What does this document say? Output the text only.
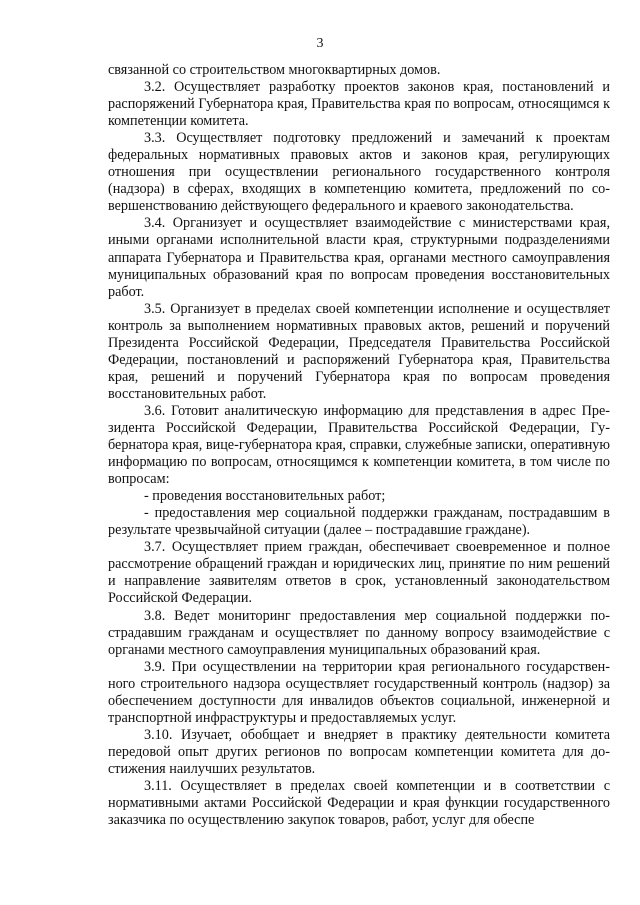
3

связанной со строительством многоквартирных домов.

3.2. Осуществляет разработку проектов законов края, постановлений и распоряжений Губернатора края, Правительства края по вопросам, относящимся к компетенции комитета.

3.3. Осуществляет подготовку предложений и замечаний к проектам федеральных нормативных правовых актов и законов края, регулирующих отношения при осуществлении регионального государственного контроля (надзора) в сферах, входящих в компетенцию комитета, предложений по совершенствованию действующего федерального и краевого законодательства.

3.4. Организует и осуществляет взаимодействие с министерствами края, иными органами исполнительной власти края, структурными подразделениями аппарата Губернатора и Правительства края, органами местного самоуправления муниципальных образований края по вопросам проведения восстановительных работ.

3.5. Организует в пределах своей компетенции исполнение и осуществляет контроль за выполнением нормативных правовых актов, решений и поручений Президента Российской Федерации, Председателя Правительства Российской Федерации, постановлений и распоряжений Губернатора края, Правительства края, решений и поручений Губернатора края по вопросам проведения восстановительных работ.

3.6. Готовит аналитическую информацию для представления в адрес Президента Российской Федерации, Правительства Российской Федерации, Губернатора края, вице-губернатора края, справки, служебные записки, оперативную информацию по вопросам, относящимся к компетенции комитета, в том числе по вопросам:

- проведения восстановительных работ;

- предоставления мер социальной поддержки гражданам, пострадавшим в результате чрезвычайной ситуации (далее – пострадавшие граждане).

3.7. Осуществляет прием граждан, обеспечивает своевременное и полное рассмотрение обращений граждан и юридических лиц, принятие по ним решений и направление заявителям ответов в срок, установленный законодательством Российской Федерации.

3.8. Ведет мониторинг предоставления мер социальной поддержки пострадавшим гражданам и осуществляет по данному вопросу взаимодействие с органами местного самоуправления муниципальных образований края.

3.9. При осуществлении на территории края регионального государственного строительного надзора осуществляет государственный контроль (надзор) за обеспечением доступности для инвалидов объектов социальной, инженерной и транспортной инфраструктуры и предоставляемых услуг.

3.10. Изучает, обобщает и внедряет в практику деятельности комитета передовой опыт других регионов по вопросам компетенции комитета для достижения наилучших результатов.

3.11. Осуществляет в пределах своей компетенции и в соответствии с нормативными актами Российской Федерации и края функции государственного заказчика по осуществлению закупок товаров, работ, услуг для обеспе
